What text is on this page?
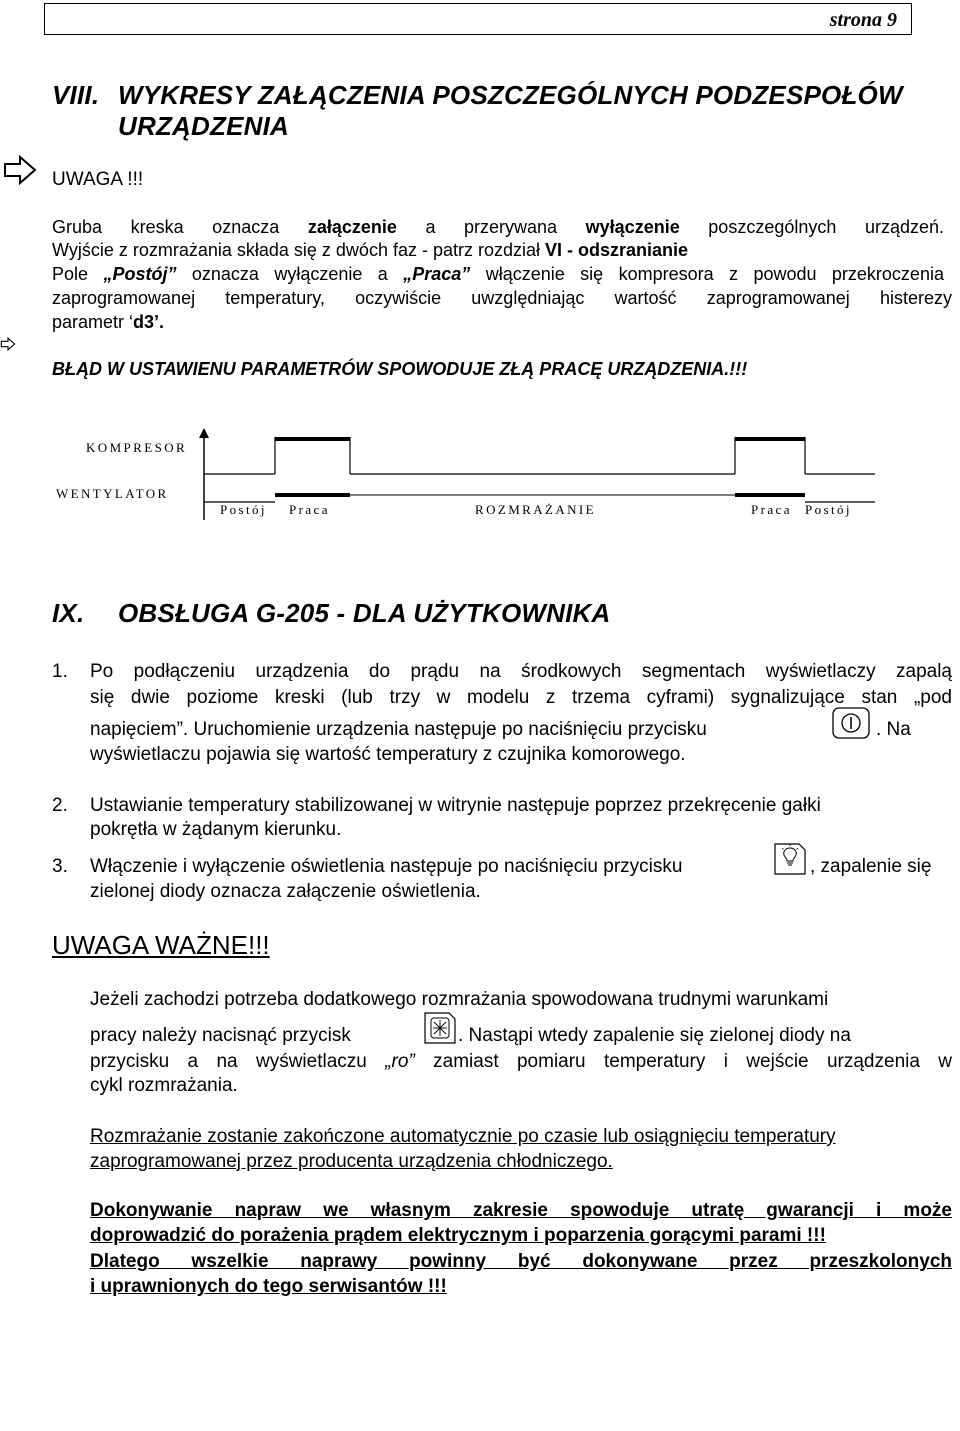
strona 9
VIII. WYKRESY ZAŁĄCZENIA POSZCZEGÓLNYCH PODZESPOŁÓW
URZĄDZENIA
UWAGA !!!
Gruba kreska oznacza załączenie a przerywana wyłączenie poszczególnych urządzeń.
Wyjście z rozmrażania składa się z dwóch faz - patrz rozdział VI - odszranianie
Pole „Postój” oznacza wyłączenie a „Praca” włączenie się kompresora z powodu przekroczenia
zaprogramowanej temperatury, oczywiście uwzględniając wartość zaprogramowanej histerezy
parametr ‘d3’.
BŁĄD W USTAWIENU PARAMETRÓW SPOWODUJE ZŁĄ PRACĘ URZĄDZENIA.!!!
KOMPRESOR
WENTYLATOR
Postój Praca	ROZMRAŻANIE	Praca Postój
IX. OBSŁUGA G-205 - DLA UŻYTKOWNIKA
1. Po podłączeniu urządzenia do prądu na środkowych segmentach wyświetlaczy zapalą
się dwie poziome kreski (lub trzy w modelu z trzema cyframi) sygnalizujące stan „pod
napięciem”. Uruchomienie urządzenia następuje po naciśnięciu przycisku	. Na
wyświetlaczu pojawia się wartość temperatury z czujnika komorowego.
2. Ustawianie temperatury stabilizowanej w witrynie następuje poprzez przekręcenie gałki
pokrętła w żądanym kierunku.
3. Włączenie i wyłączenie oświetlenia następuje po naciśnięciu przycisku	, zapalenie się
zielonej diody oznacza załączenie oświetlenia.
UWAGA WAŻNE!!!
Jeżeli zachodzi potrzeba dodatkowego rozmrażania spowodowana trudnymi warunkami
pracy należy nacisnąć przycisk	. Nastąpi wtedy zapalenie się zielonej diody na
przycisku a na wyświetlaczu „ro” zamiast pomiaru temperatury i wejście urządzenia w
cykl rozmrażania.
Rozmrażanie zostanie zakończone automatycznie po czasie lub osiągnięciu temperatury
zaprogramowanej przez producenta urządzenia chłodniczego.
Dokonywanie napraw we własnym zakresie spowoduje utratę gwarancji i może
doprowadzić do porażenia prądem elektrycznym i poparzenia gorącymi parami !!!
Dlatego wszelkie naprawy powinny być dokonywane przez przeszkolonych
i uprawnionych do tego serwisantów !!!
